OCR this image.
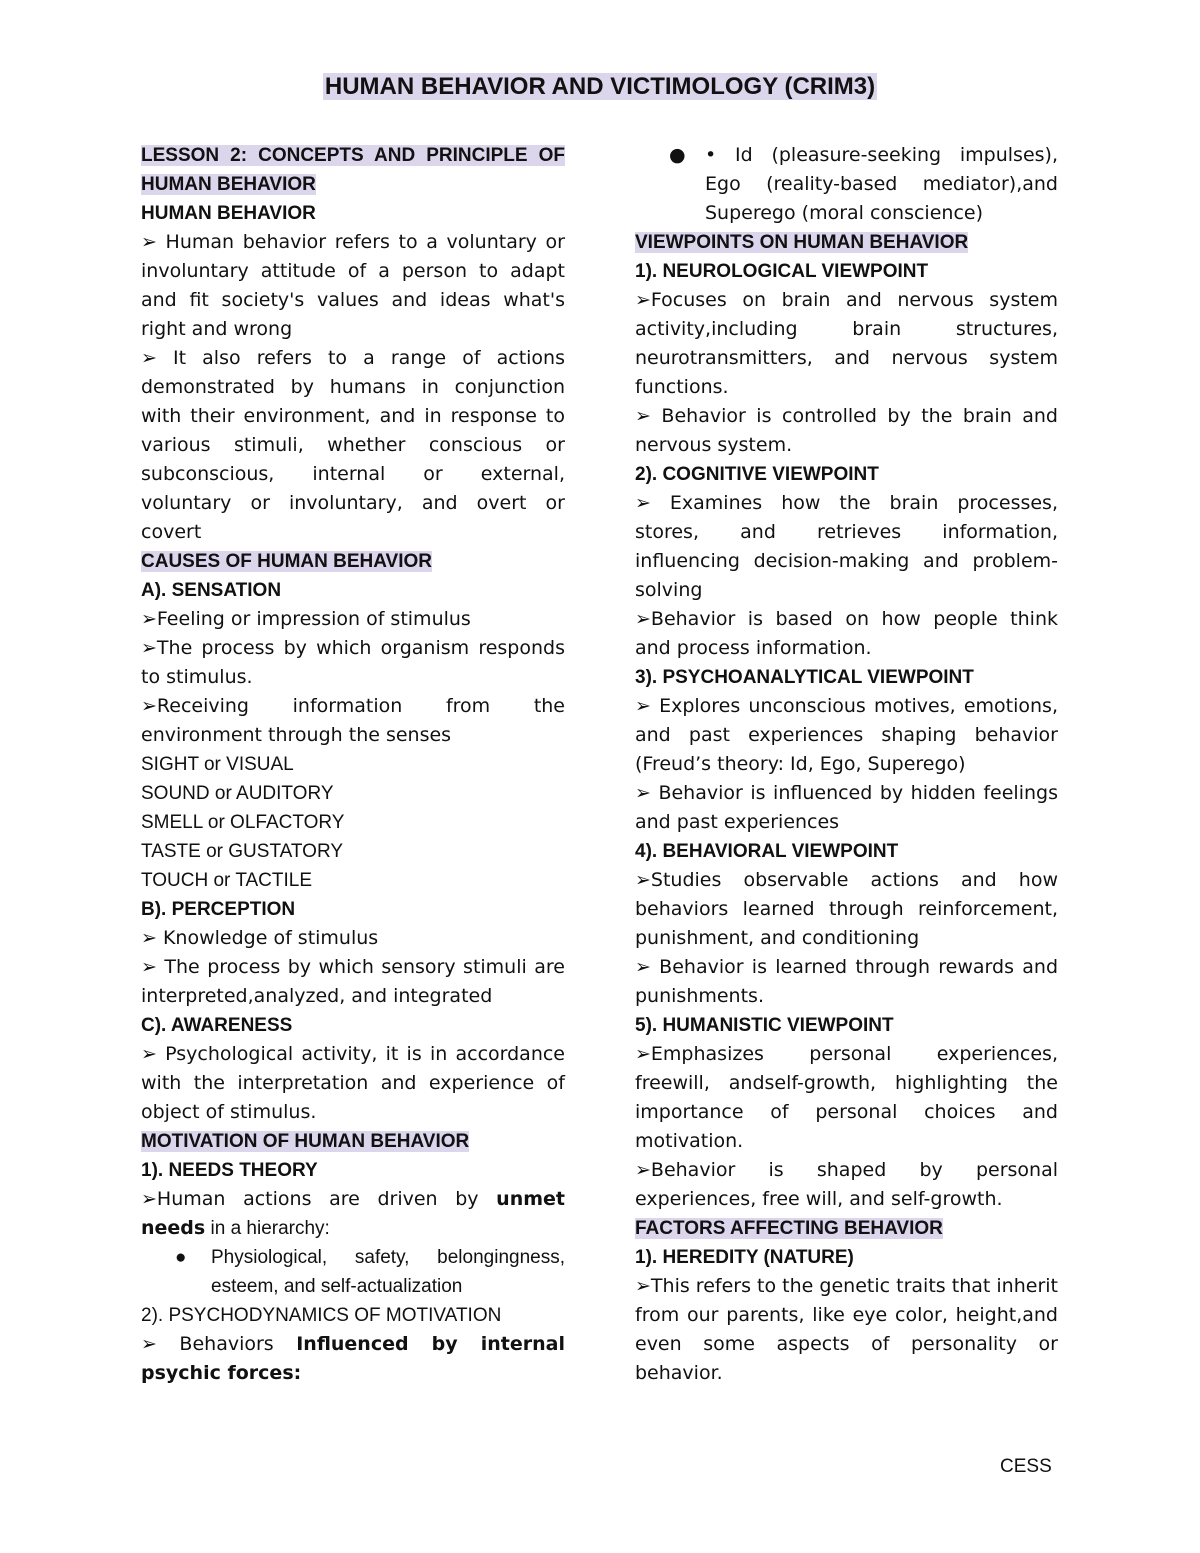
HUMAN BEHAVIOR AND VICTIMOLOGY (CRIM3)

LESSON 2: CONCEPTS AND PRINCIPLE OF HUMAN BEHAVIOR

HUMAN BEHAVIOR

➢ Human behavior refers to a voluntary or involuntary attitude of a person to adapt and fit society's values and ideas what's right and wrong

➢ It also refers to a range of actions demonstrated by humans in conjunction with their environment, and in response to various stimuli, whether conscious or subconscious, internal or external, voluntary or involuntary, and overt or covert

CAUSES OF HUMAN BEHAVIOR

A). SENSATION

➢Feeling or impression of stimulus

➢The process by which organism responds to stimulus.

➢Receiving information from the environment through the senses

SIGHT or VISUAL

SOUND or AUDITORY

SMELL or OLFACTORY

TASTE or GUSTATORY

TOUCH or TACTILE

B). PERCEPTION

➢ Knowledge of stimulus

➢ The process by which sensory stimuli are interpreted,analyzed, and integrated

C). AWARENESS

➢ Psychological activity, it is in accordance with the interpretation and experience of object of stimulus.

MOTIVATION OF HUMAN BEHAVIOR

1). NEEDS THEORY

➢Human actions are driven by unmet needs in a hierarchy:

● Physiological, safety, belongingness, esteem, and self-actualization

2). PSYCHODYNAMICS OF MOTIVATION

➢ Behaviors Influenced by internal psychic forces:

● • Id (pleasure-seeking impulses), Ego (reality-based mediator),and Superego (moral conscience)

VIEWPOINTS ON HUMAN BEHAVIOR

1). NEUROLOGICAL VIEWPOINT

➢Focuses on brain and nervous system activity,including brain structures, neurotransmitters, and nervous system functions.

➢ Behavior is controlled by the brain and nervous system.

2). COGNITIVE VIEWPOINT

➢ Examines how the brain processes, stores, and retrieves information, influencing decision-making and problem-solving

➢Behavior is based on how people think and process information.

3). PSYCHOANALYTICAL VIEWPOINT

➢ Explores unconscious motives, emotions, and past experiences shaping behavior (Freud’s theory: Id, Ego, Superego)

➢ Behavior is influenced by hidden feelings and past experiences

4). BEHAVIORAL VIEWPOINT

➢Studies observable actions and how behaviors learned through reinforcement, punishment, and conditioning

➢ Behavior is learned through rewards and punishments.

5). HUMANISTIC VIEWPOINT

➢Emphasizes personal experiences, freewill, andself-growth, highlighting the importance of personal choices and motivation.

➢Behavior is shaped by personal experiences, free will, and self-growth.

FACTORS AFFECTING BEHAVIOR

1). HEREDITY (NATURE)

➢This refers to the genetic traits that inherit from our parents, like eye color, height,and even some aspects of personality or behavior.

CESS
